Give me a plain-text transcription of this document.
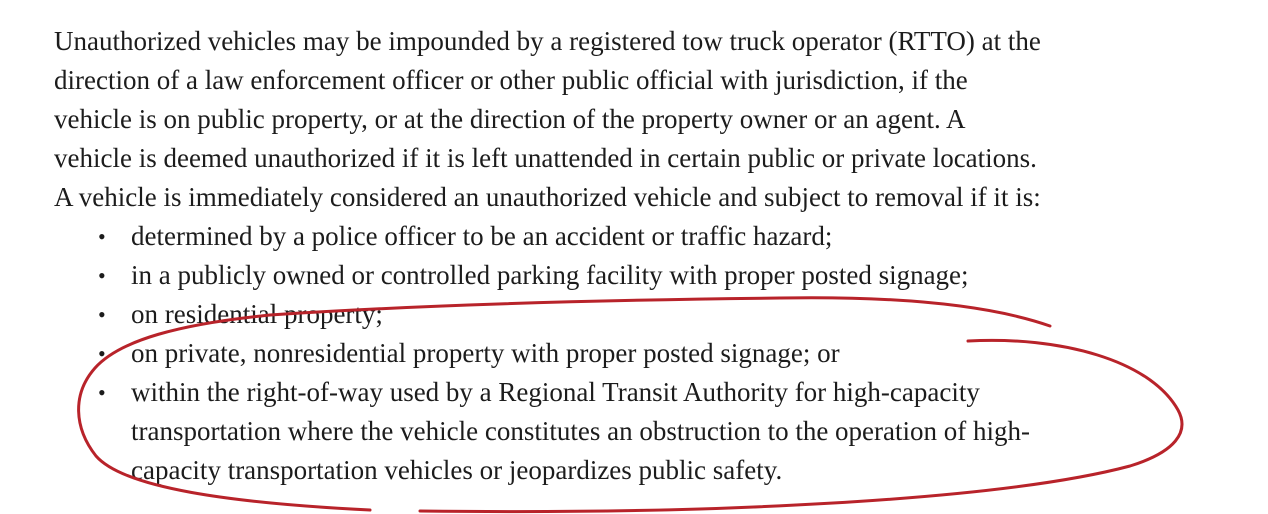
Unauthorized vehicles may be impounded by a registered tow truck operator (RTTO) at the
direction of a law enforcement officer or other public official with jurisdiction, if the
vehicle is on public property, or at the direction of the property owner or an agent. A
vehicle is deemed unauthorized if it is left unattended in certain public or private locations.
A vehicle is immediately considered an unauthorized vehicle and subject to removal if it is:

• determined by a police officer to be an accident or traffic hazard;
• in a publicly owned or controlled parking facility with proper posted signage;
• on residential property;
• on private, nonresidential property with proper posted signage; or
• within the right-of-way used by a Regional Transit Authority for high-capacity
transportation where the vehicle constitutes an obstruction to the operation of high-
capacity transportation vehicles or jeopardizes public safety.
